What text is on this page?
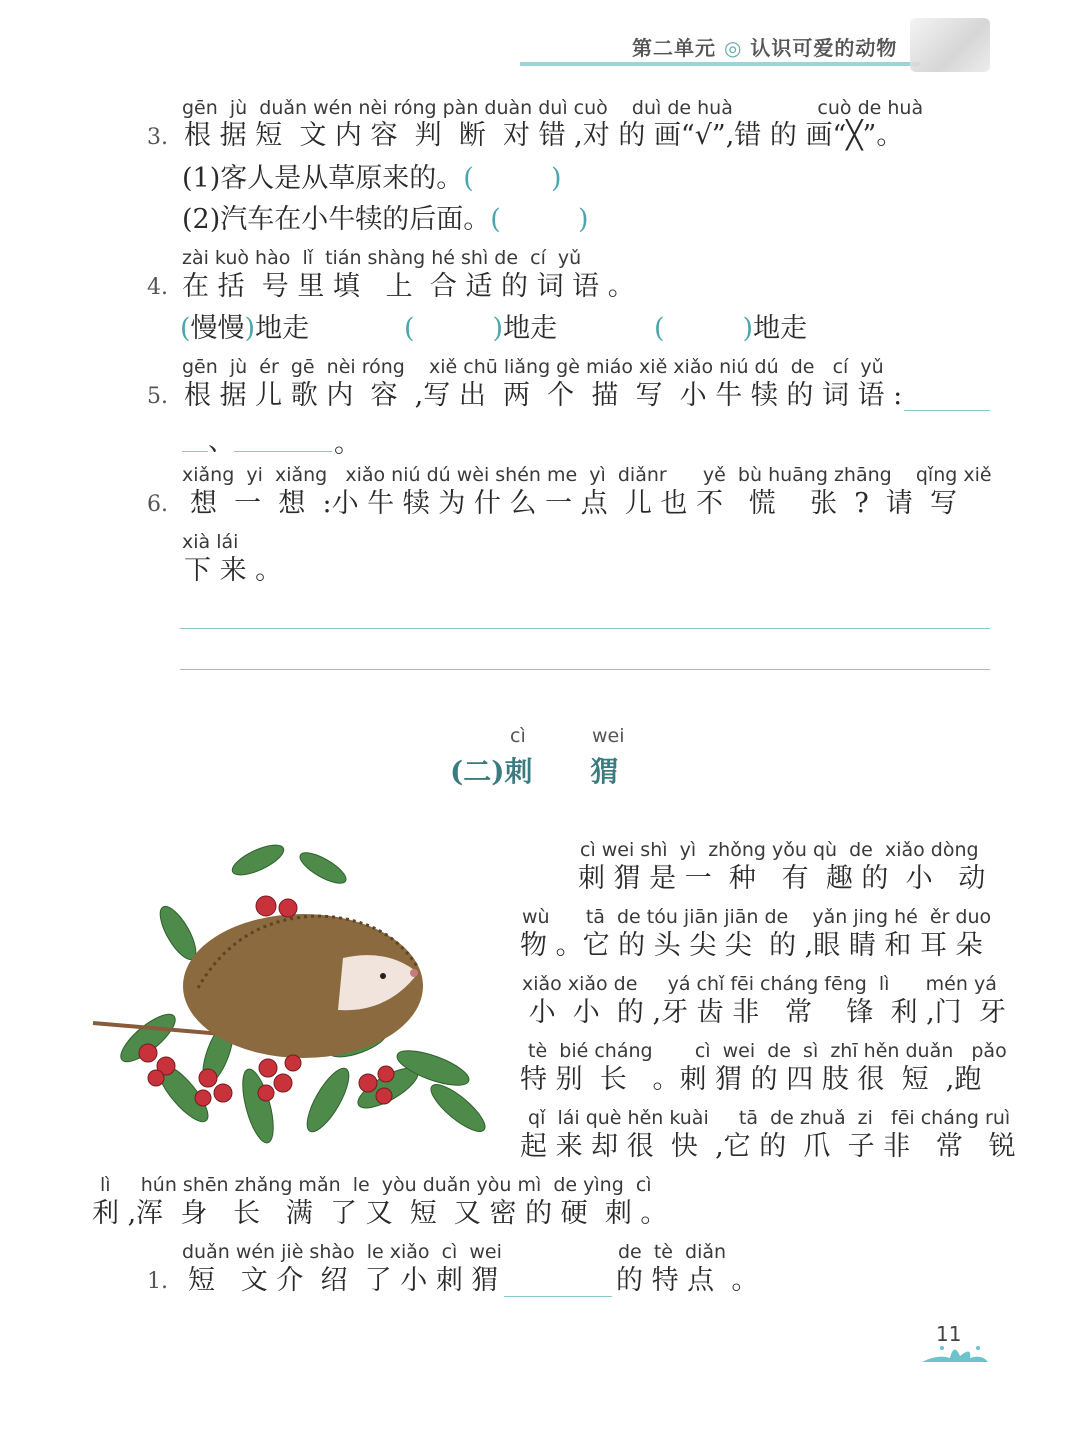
第二单元 ◎ 认识可爱的动物
gēn  jù  duǎn wén nèi róng pàn duàn duì cuò    duì de huà              cuò de huà
3. 根 据 短  文 内 容  判  断  对 错 ,对 的 画“√”,错 的 画“╳”。
(1)客人是从草原来的。(         )
(2)汽车在小牛犊的后面。(         )
zài kuò hào  lǐ  tián shàng hé shì de  cí  yǔ
4. 在 括  号 里 填   上  合 适 的 词 语 。
(慢慢)地走	(	)地走	(	)地走
gēn  jù  ér  gē  nèi róng    xiě chū liǎng gè miáo xiě xiǎo niú dú  de   cí  yǔ
5. 根 据 儿 歌 内  容  ,写 出  两  个  描  写  小 牛 犊 的 词 语 :
、	。
xiǎng  yi  xiǎng   xiǎo niú dú wèi shén me  yì  diǎnr      yě  bù huāng zhāng    qǐng xiě
6. 想  一  想  :小 牛 犊 为 什 么 一 点  儿 也 不   慌    张  ?  请  写
xià lái
下 来 。
cì	wei
(二)刺 猬
cì wei shì  yì  zhǒng yǒu qù  de  xiǎo dòng
刺 猬 是 一  种   有  趣 的  小   动
wù      tā  de tóu jiān jiān de    yǎn jing hé  ěr duo
物 。它 的 头 尖 尖  的 ,眼 睛 和 耳 朵
xiǎo xiǎo de     yá chǐ fēi cháng fēng  lì      mén yá
小  小  的 ,牙 齿 非   常    锋  利 ,门  牙
tè  bié cháng       cì  wei  de  sì  zhī hěn duǎn   pǎo
特 别  长   。刺 猬 的 四 肢 很  短  ,跑
qǐ  lái què hěn kuài     tā  de zhuǎ  zi   fēi cháng ruì
起 来 却 很  快  ,它 的  爪  子 非   常   锐
lì     hún shēn zhǎng mǎn  le  yòu duǎn yòu mì  de yìng  cì
利 ,浑  身   长   满  了 又  短  又 密 的 硬  刺 。
duǎn wén jiè shào  le xiǎo  cì  wei	de  tè  diǎn
1. 短   文 介  绍  了 小 刺 猬	的 特 点  。
11
